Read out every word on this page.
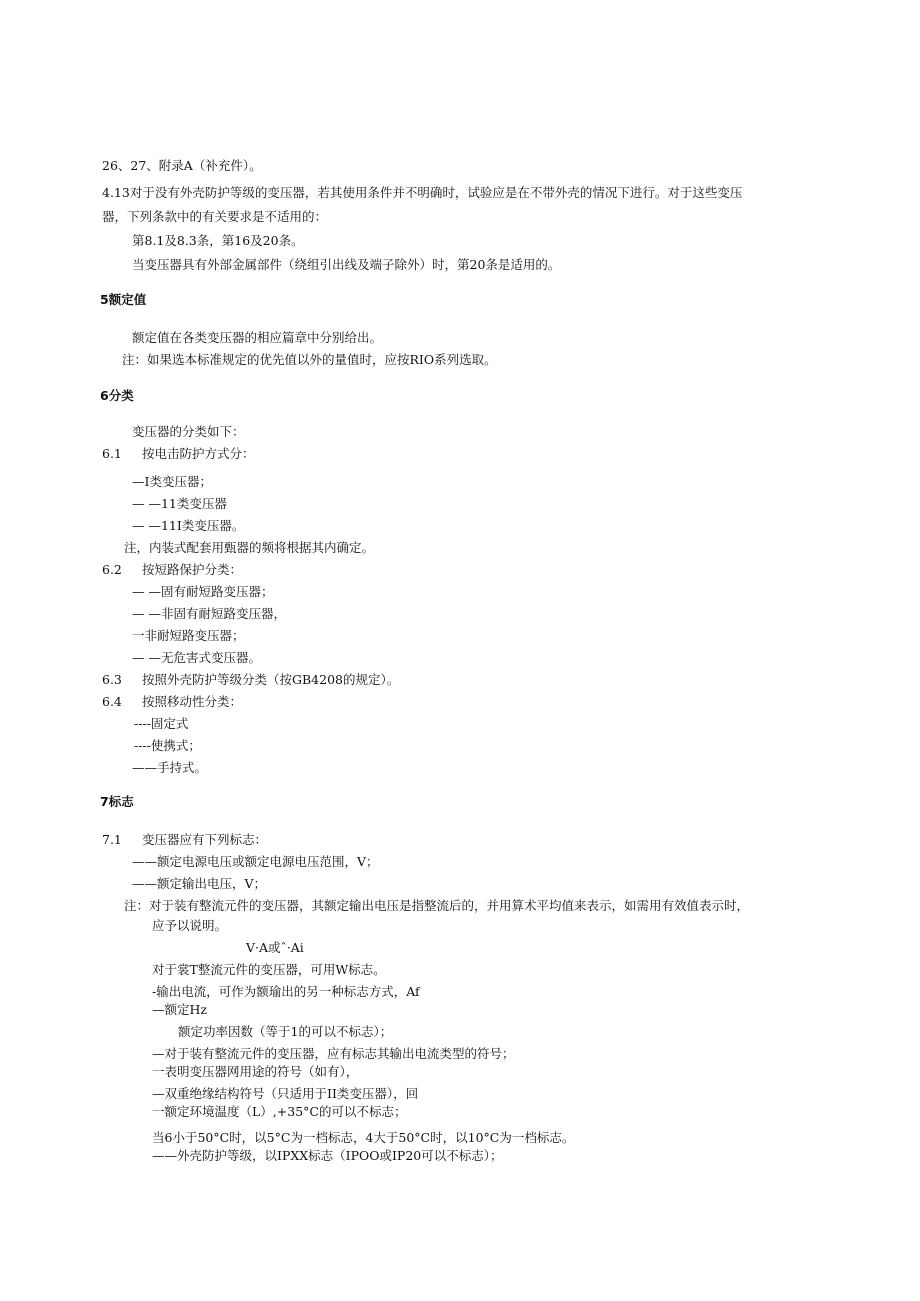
26、27、附录A（补充件）。
4.13对于没有外壳防护等级的变压器，若其使用条件并不明确时，试验应是在不带外壳的情况下进行。对于这些变压
器，下列条款中的有关要求是不适用的：
第8.1及8.3条，第16及20条。
当变压器具有外部金属部件（绕组引出线及端子除外）时，第20条是适用的。
5额定值
额定值在各类变压器的相应篇章中分别给出。
注：如果选本标准规定的优先值以外的量值时，应按RIO系列选取。
6分类
变压器的分类如下：
6.1 按电击防护方式分：
—I类变压器；
— —11类变压器
— —11I类变压器。
注，内装式配套用甄器的频将根据其内确定。
6.2 按短路保护分类：
— —固有耐短路变压器；
— —非固有耐短路变压器，
一非耐短路变压器；
— —无危害式变压器。
6.3 按照外壳防护等级分类（按GB4208的规定）。
6.4 按照移动性分类：
----固定式
----使携式；
——手持式。
7标志
7.1 变压器应有下列标志：
——额定电源电压或额定电源电压范围，V；
——额定输出电压，V；
注：对于装有整流元件的变压器，其额定输出电压是指整流后的，并用算术平均值来表示，如需用有效值表示时，
应予以说明。
V·A或ˆ·Ai
对于裳T整流元件的变压器，可用W标志。
-输出电流，可作为额瑜出的另一种标志方式，Af
—额定Hz
额定功率因数（等于1的可以不标志）；
—对于装有整流元件的变压器，应有标志其输出电流类型的符号；
一表明变压器网用途的符号（如有），
—双重绝缘结构符号（只适用于II类变压器），回
一额定环境温度（L）,+35°C的可以不标志；
当6小于50°C时，以5°C为一档标志，4大于50°C时，以10°C为一档标志。
——外壳防护等级，以IPXX标志（IPOO或IP20可以不标志）；
